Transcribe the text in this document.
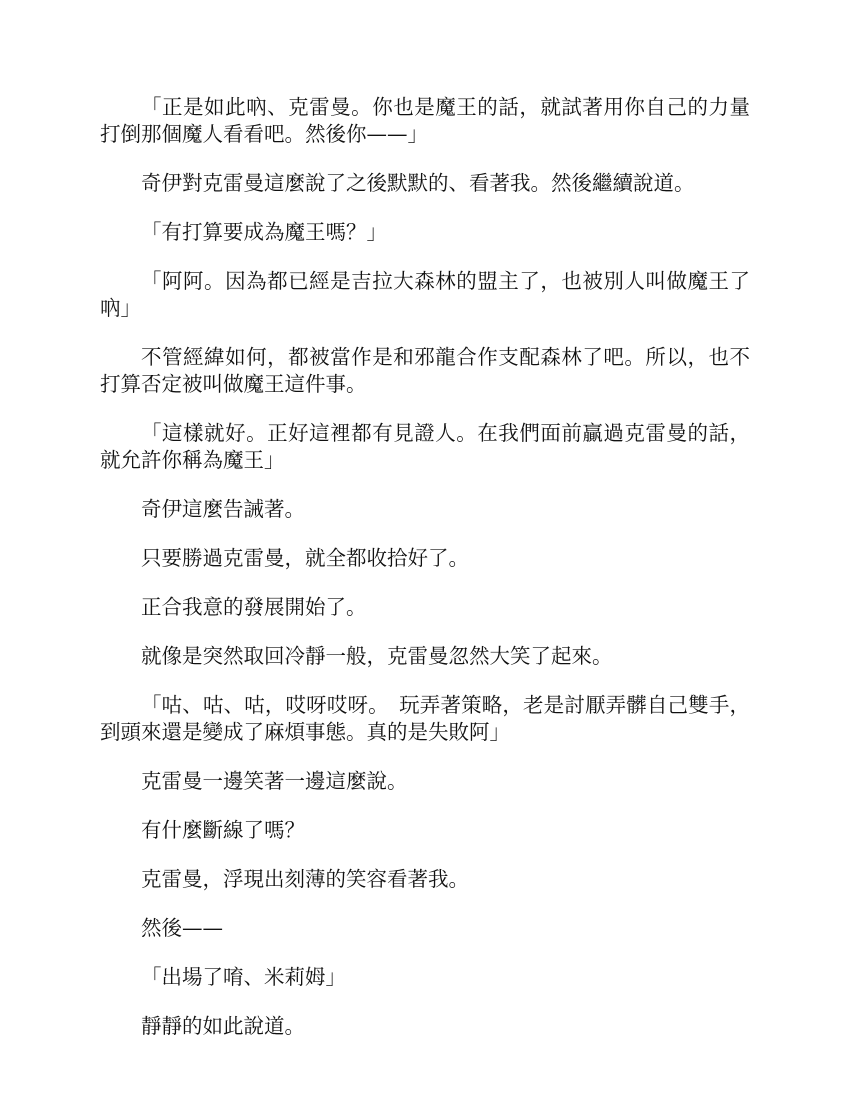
「正是如此吶、克雷曼。你也是魔王的話，就試著用你自己的力量打倒那個魔人看看吧。然後你——」

奇伊對克雷曼這麼說了之後默默的、看著我。然後繼續說道。

「有打算要成為魔王嗎？」

「阿阿。因為都已經是吉拉大森林的盟主了，也被別人叫做魔王了吶」

不管經緯如何，都被當作是和邪龍合作支配森林了吧。所以，也不打算否定被叫做魔王這件事。

「這樣就好。正好這裡都有見證人。在我們面前贏過克雷曼的話，就允許你稱為魔王」

奇伊這麼告誡著。

只要勝過克雷曼，就全都收拾好了。

正合我意的發展開始了。

就像是突然取回冷靜一般，克雷曼忽然大笑了起來。

「咕、咕、咕，哎呀哎呀。　玩弄著策略，老是討厭弄髒自己雙手，到頭來還是變成了麻煩事態。真的是失敗阿」

克雷曼一邊笑著一邊這麼說。

有什麼斷線了嗎？

克雷曼，浮現出刻薄的笑容看著我。

然後——

「出場了唷、米莉姆」

靜靜的如此說道。
